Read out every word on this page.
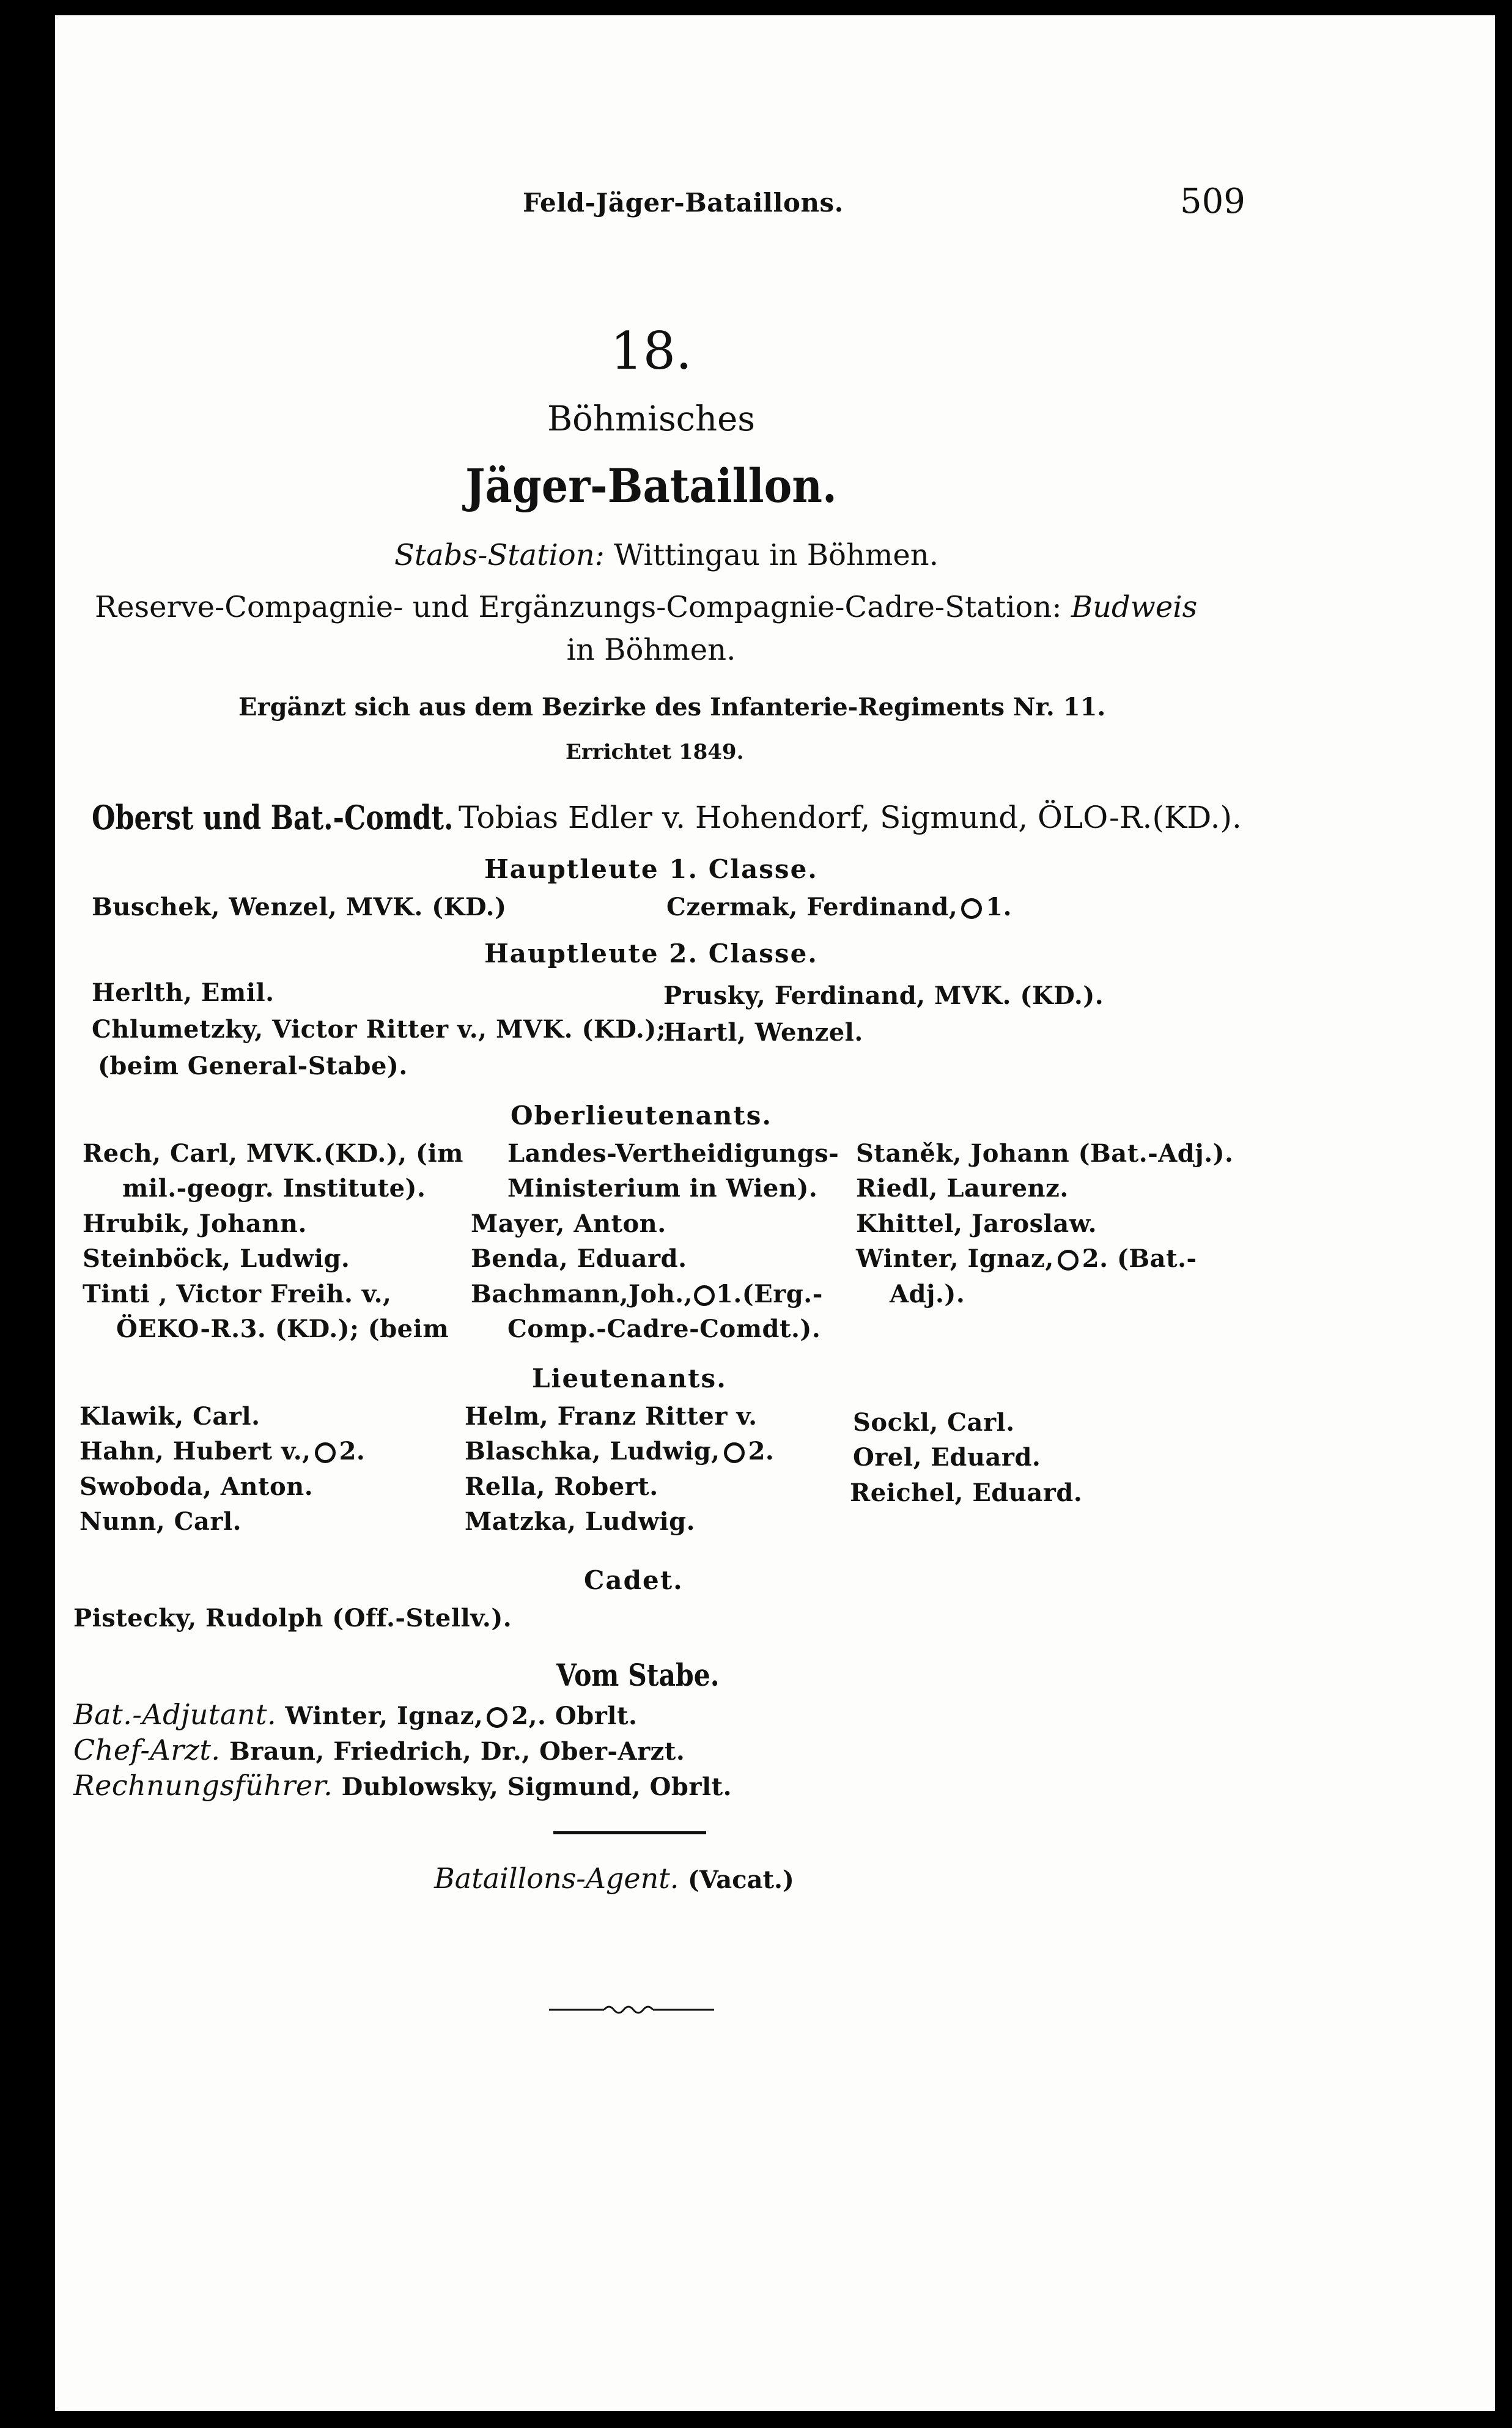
Feld-Jäger-Bataillons.	509
18.
Böhmisches
Jäger-Bataillon.
Stabs-Station: Wittingau in Böhmen.
Reserve-Compagnie- und Ergänzungs-Compagnie-Cadre-Station: Budweis
in Böhmen.
Ergänzt sich aus dem Bezirke des Infanterie-Regiments Nr. 11.
Errichtet 1849.
Oberst und Bat.-Comdt. Tobias Edler v. Hohendorf, Sigmund, ÖLO-R.(KD.).
Hauptleute 1. Classe.
Buschek, Wenzel, MVK. (KD.)	Czermak, Ferdinand, 1.
Hauptleute 2. Classe.
Herlth, Emil.
Chlumetzky, Victor Ritter v., MVK. (KD.);
(beim General-Stabe).
Prusky, Ferdinand, MVK. (KD.).
Hartl, Wenzel.
Oberlieutenants.
Rech, Carl, MVK.(KD.), (im
mil.-geogr. Institute).
Hrubik, Johann.
Steinböck, Ludwig.
Tinti , Victor Freih. v.,
ÖEKO-R.3. (KD.); (beim
Landes-Vertheidigungs-
Ministerium in Wien).
Mayer, Anton.
Benda, Eduard.
Bachmann,Joh., 1.(Erg.-
Comp.-Cadre-Comdt.).
Staněk, Johann (Bat.-Adj.).
Riedl, Laurenz.
Khittel, Jaroslaw.
Winter, Ignaz, 2. (Bat.-
Adj.).
Lieutenants.
Klawik, Carl.
Hahn, Hubert v., 2.
Swoboda, Anton.
Nunn, Carl.
Helm, Franz Ritter v.
Blaschka, Ludwig, 2.
Rella, Robert.
Matzka, Ludwig.
Sockl, Carl.
Orel, Eduard.
Reichel, Eduard.
Cadet.
Pistecky, Rudolph (Off.-Stellv.).
Vom Stabe.
Bat.-Adjutant. Winter, Ignaz, 2,. Obrlt.
Chef-Arzt. Braun, Friedrich, Dr., Ober-Arzt.
Rechnungsführer. Dublowsky, Sigmund, Obrlt.
Bataillons-Agent. (Vacat.)
